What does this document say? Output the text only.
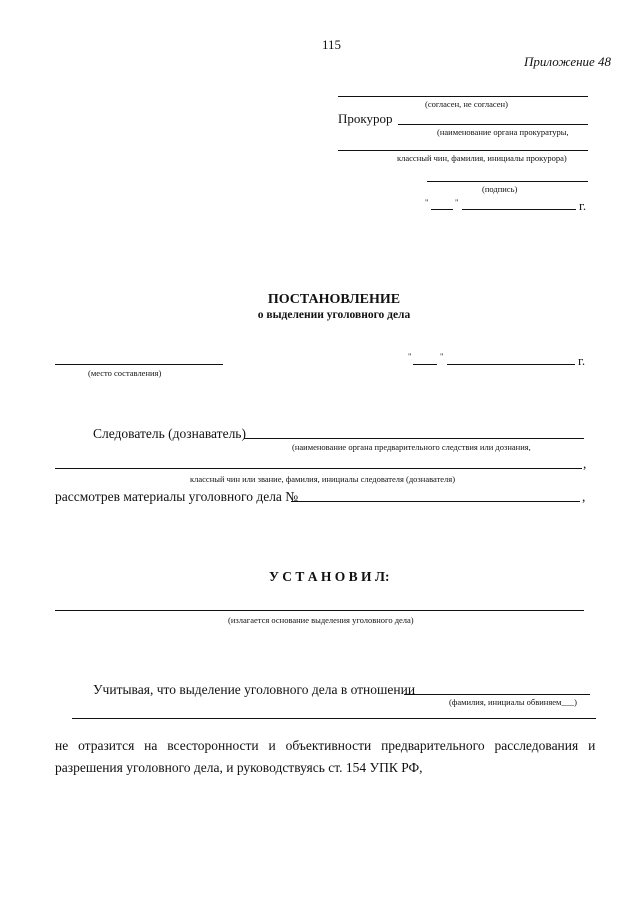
115
Приложение 48
(согласен, не согласен)
Прокурор
(наименование органа прокуратуры,
классный чин, фамилия, инициалы прокурора)
(подпись)
"	"	г.
ПОСТАНОВЛЕНИЕ
о выделении уголовного дела
(место составления)
"	"	г.
Следователь (дознаватель)
(наименование органа предварительного следствия или дознания,
,
классный чин или звание, фамилия, инициалы следователя (дознавателя)
рассмотрев материалы уголовного дела №	,
У С Т А Н О В И Л:
(излагается основание выделения уголовного дела)
Учитывая, что выделение уголовного дела в отношении
(фамилия, инициалы обвиняем___)
не отразится на всесторонности и объективности предварительного расследования и
разрешения уголовного дела, и руководствуясь ст. 154 УПК РФ,
